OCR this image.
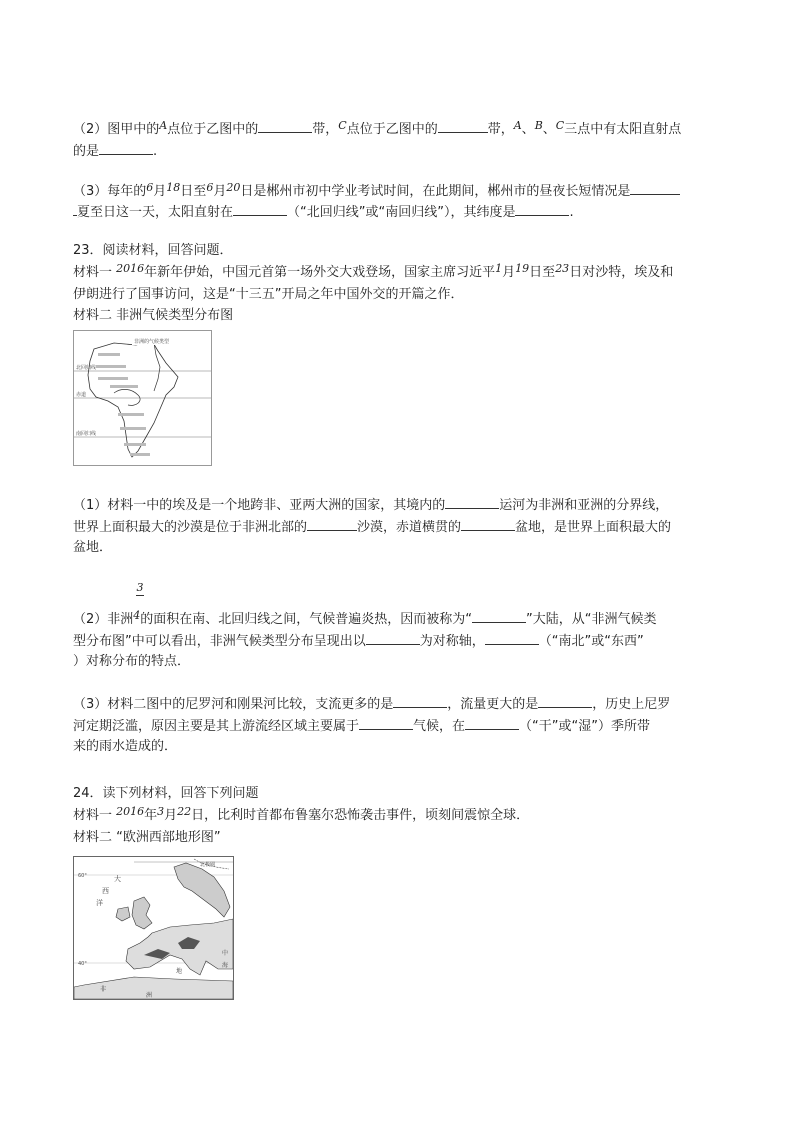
（2）图甲中的$^A$点位于乙图中的	带，$^C$点位于乙图中的	带，$^A$、$^B$、$^C$三点中有太阳直射点
的是	.
（3）每年的$^6$月$^{18}$日至$^6$月$^{20}$日是郴州市初中学业考试时间，在此期间，郴州市的昼夜长短情况是
夏至日这一天，太阳直射在	（“北回归线”或“南回归线”），其纬度是	.
23．阅读材料，回答问题．
材料一 $^{2016}$年新年伊始，中国元首第一场外交大戏登场，国家主席习近平$^1$月$^{19}$日至$^{23}$日对沙特，埃及和
伊朗进行了国事访问，这是“十三五”开局之年中国外交的开篇之作．
材料二 非洲气候类型分布图
非洲的气候类型
北回归线
赤道
南回归线
（1）材料一中的埃及是一个地跨非、亚两大洲的国家，其境内的	运河为非洲和亚洲的分界线，
世界上面积最大的沙漠是位于非洲北部的	沙漠，赤道横贯的	盆地，是世界上面积最大的
盆地．
3
（2）非洲$^4$的面积在南、北回归线之间，气候普遍炎热，因而被称为“	”大陆，从“非洲气候类
型分布图”中可以看出，非洲气候类型分布呈现出以	为对称轴，	（“南北”或“东西”
）对称分布的特点．
（3）材料二图中的尼罗河和刚果河比较，支流更多的是	，流量更大的是	，历史上尼罗
河定期泛滥，原因主要是其上游流经区域主要属于	气候，在	（“干”或“湿”）季所带
来的雨水造成的．
24．读下列材料，回答下列问题
材料一 $^{2016}$年$^3$月$^{22}$日，比利时首都布鲁塞尔恐怖袭击事件，顷刻间震惊全球．
材料二 “欧洲西部地形图”
北极圈
60°
40°
大
西
洋
地
中
海
非
洲
